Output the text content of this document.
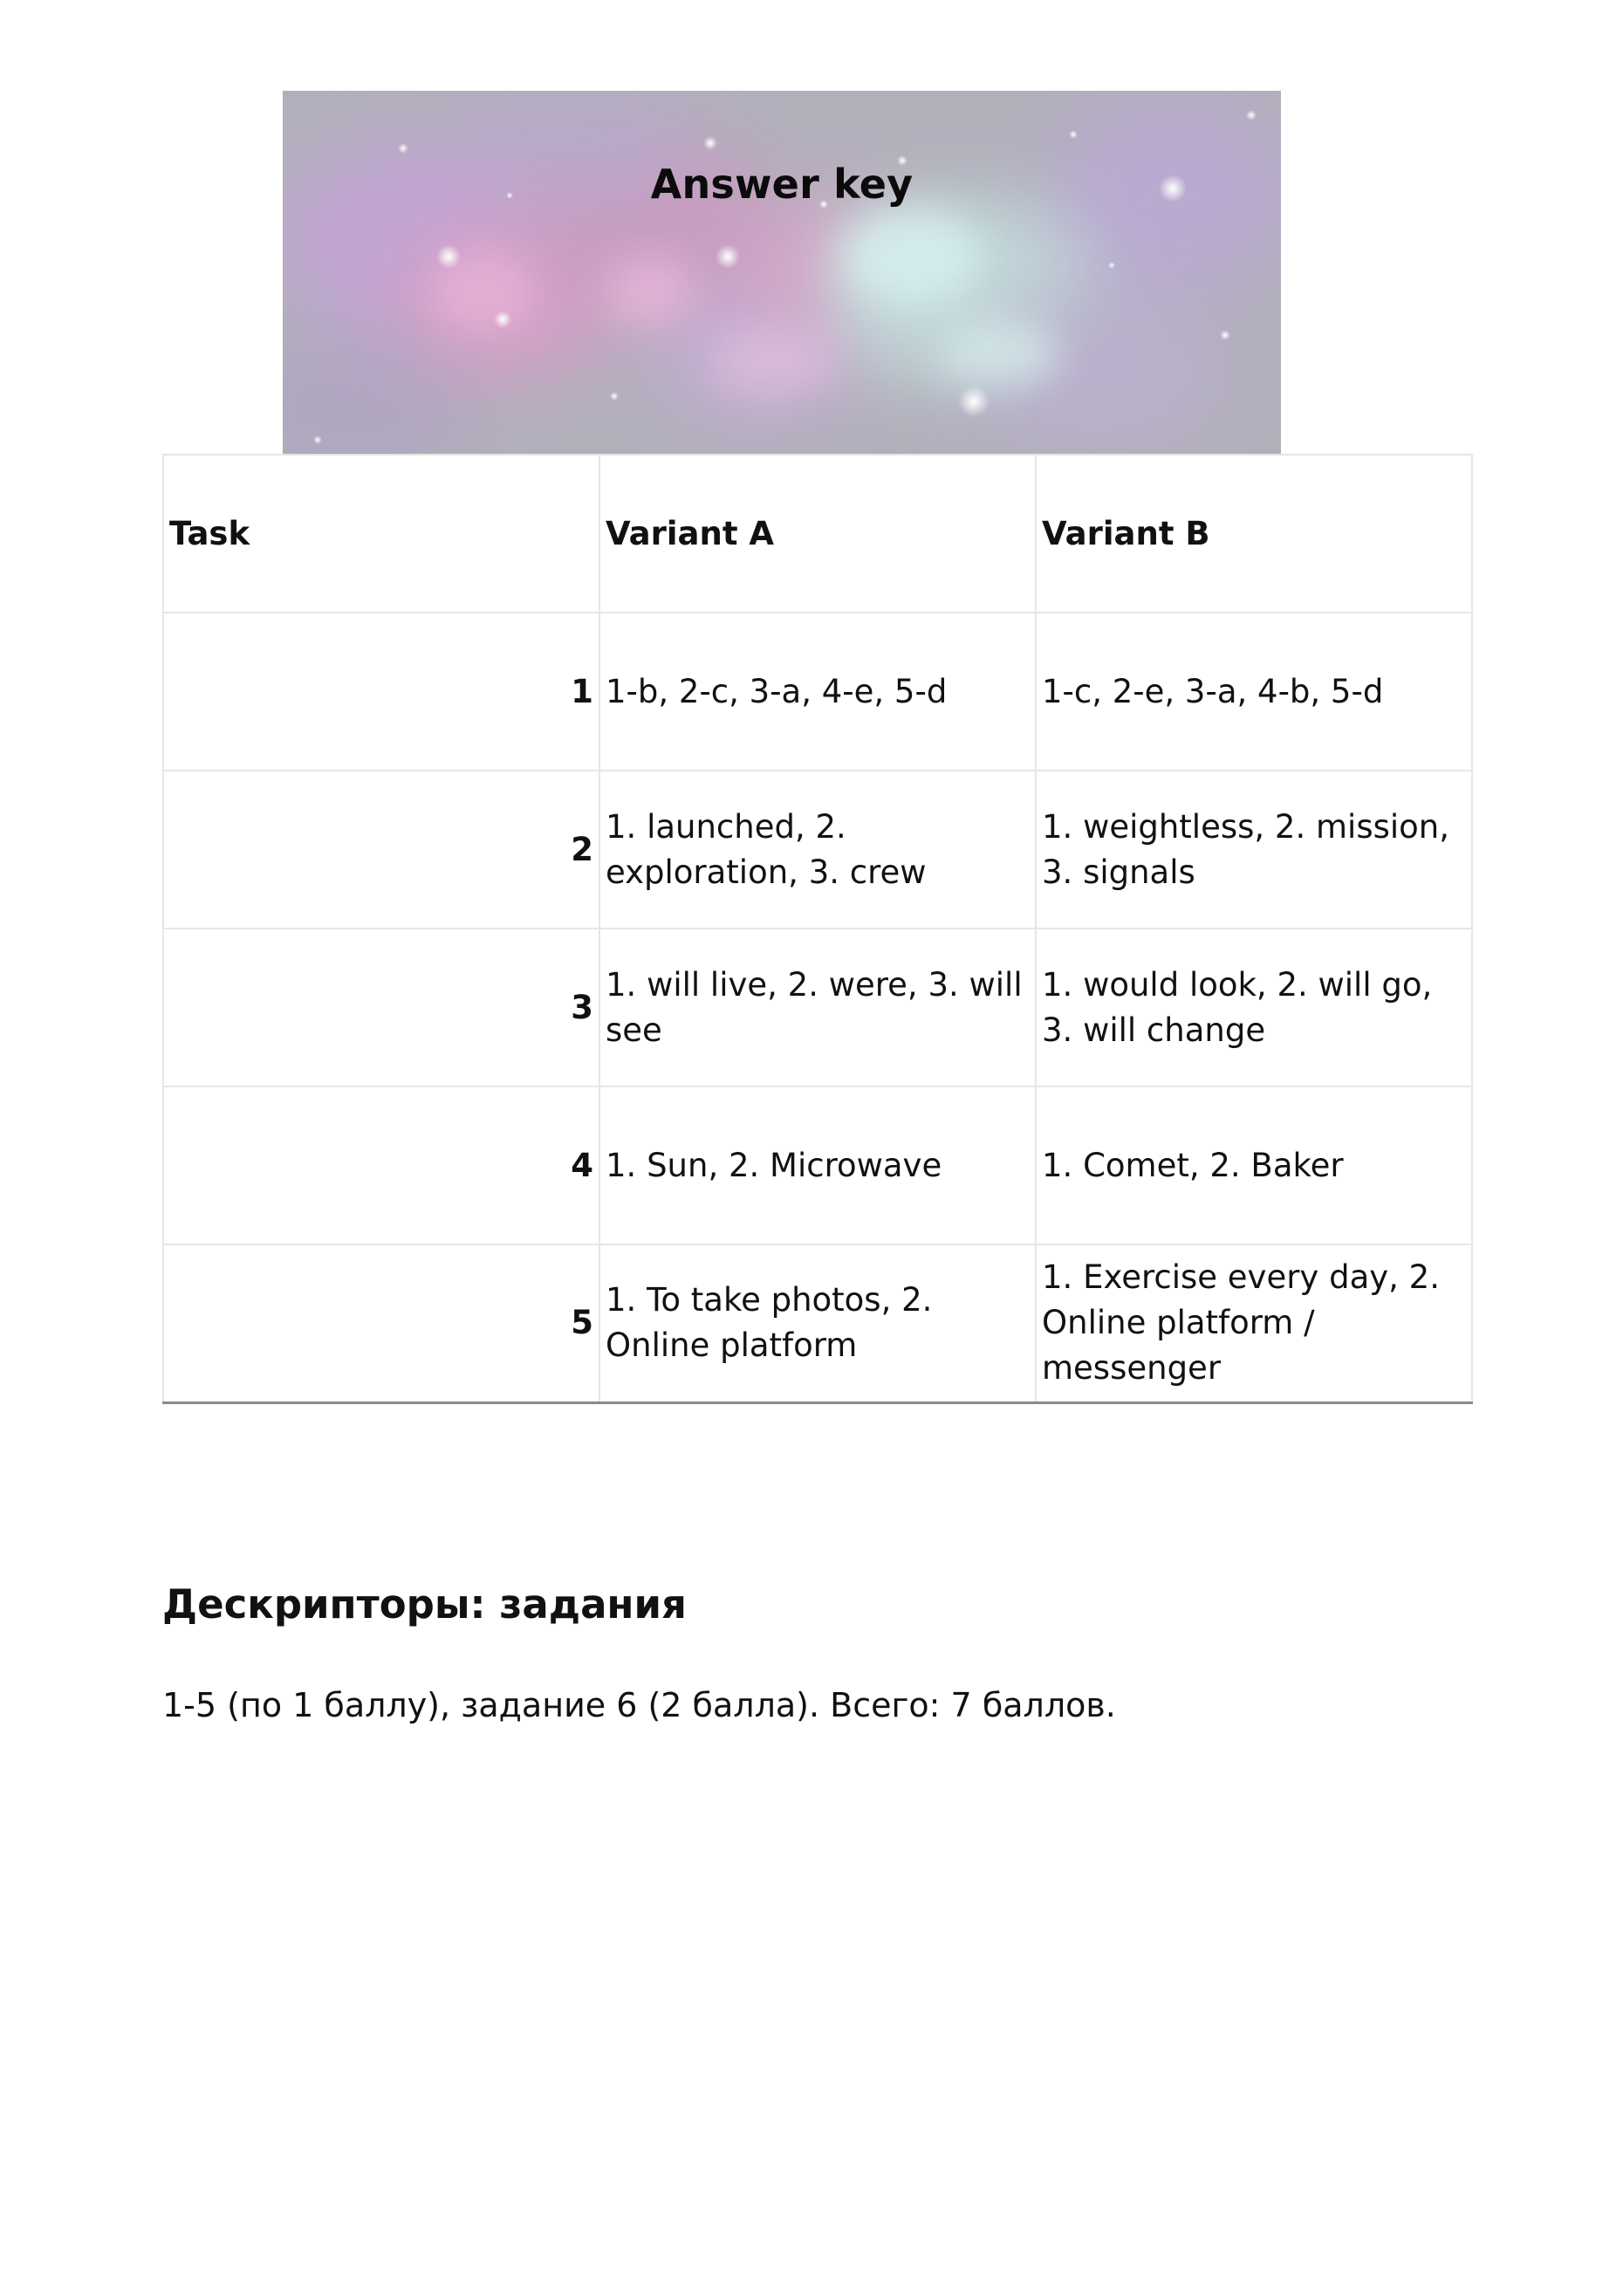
Answer key
Task	Variant A	Variant B
1	1-b, 2-c, 3-a, 4-e, 5-d	1-c, 2-e, 3-a, 4-b, 5-d
2	1. launched, 2. exploration, 3. crew	1. weightless, 2. mission, 3. signals
3	1. will live, 2. were, 3. will see	1. would look, 2. will go, 3. will change
4	1. Sun, 2. Microwave	1. Comet, 2. Baker
5	1. To take photos, 2. Online platform	1. Exercise every day, 2. Online platform / messenger
Дескрипторы: задания
1-5 (по 1 баллу), задание 6 (2 балла). Всего: 7 баллов.
